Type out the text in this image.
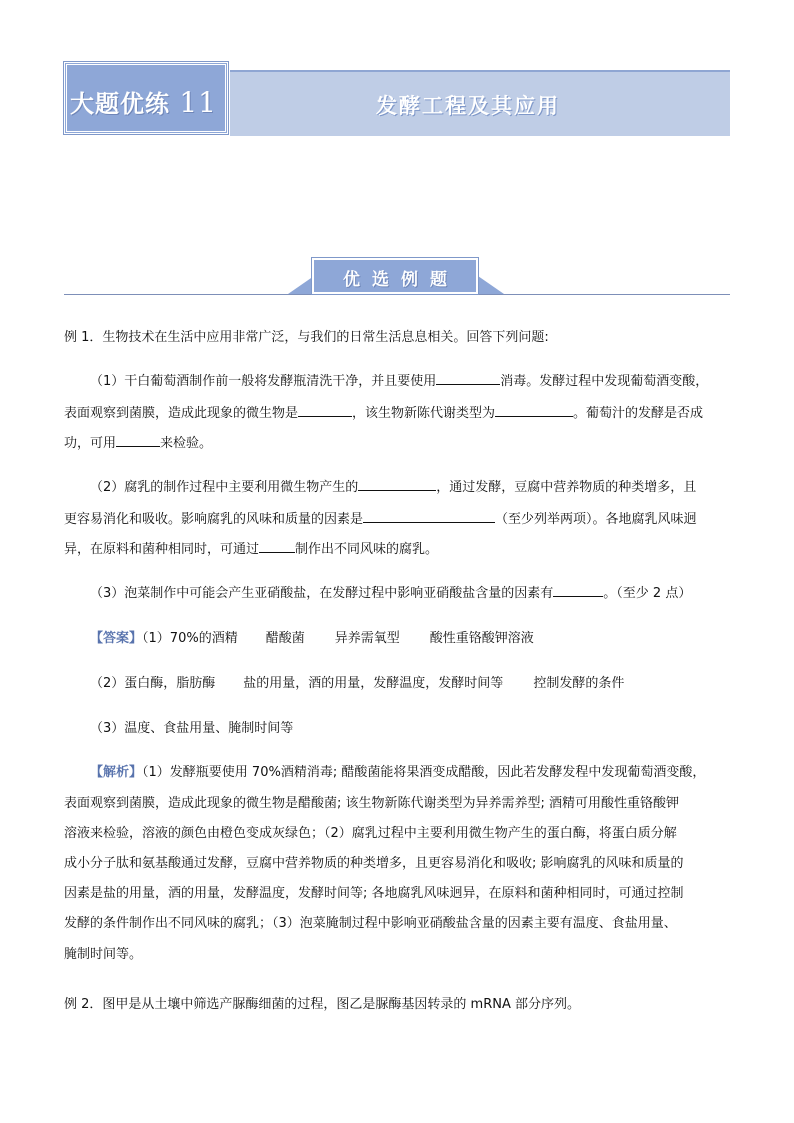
大题优练 11	发酵工程及其应用
优选例题
例 1．生物技术在生活中应用非常广泛，与我们的日常生活息息相关。回答下列问题:
（1）干白葡萄酒制作前一般将发酵瓶清洗干净，并且要使用	消毒。发酵过程中发现葡萄酒变酸，
表面观察到菌膜，造成此现象的微生物是	，该生物新陈代谢类型为	。葡萄汁的发酵是否成
功，可用	来检验。
（2）腐乳的制作过程中主要利用微生物产生的	，通过发酵，豆腐中营养物质的种类增多，且
更容易消化和吸收。影响腐乳的风味和质量的因素是	（至少列举两项）。各地腐乳风味迥
异，在原料和菌种相同时，可通过	制作出不同风味的腐乳。
（3）泡菜制作中可能会产生亚硝酸盐，在发酵过程中影响亚硝酸盐含量的因素有	。（至少 2 点）
【答案】（1）70%的酒精 醋酸菌 异养需氧型 酸性重铬酸钾溶液
（2）蛋白酶，脂肪酶 盐的用量，酒的用量，发酵温度，发酵时间等 控制发酵的条件
（3）温度、食盐用量、腌制时间等
【解析】（1）发酵瓶要使用 70%酒精消毒; 醋酸菌能将果酒变成醋酸，因此若发酵发程中发现葡萄酒变酸，
表面观察到菌膜，造成此现象的微生物是醋酸菌; 该生物新陈代谢类型为异养需养型; 酒精可用酸性重铬酸钾
溶液来检验，溶液的颜色由橙色变成灰绿色；（2）腐乳过程中主要利用微生物产生的蛋白酶，将蛋白质分解
成小分子肽和氨基酸通过发酵，豆腐中营养物质的种类增多，且更容易消化和吸收; 影响腐乳的风味和质量的
因素是盐的用量，酒的用量，发酵温度，发酵时间等; 各地腐乳风味迥异，在原料和菌种相同时，可通过控制
发酵的条件制作出不同风味的腐乳；（3）泡菜腌制过程中影响亚硝酸盐含量的因素主要有温度、食盐用量、
腌制时间等。
例 2．图甲是从土壤中筛选产脲酶细菌的过程，图乙是脲酶基因转录的 mRNA 部分序列。
